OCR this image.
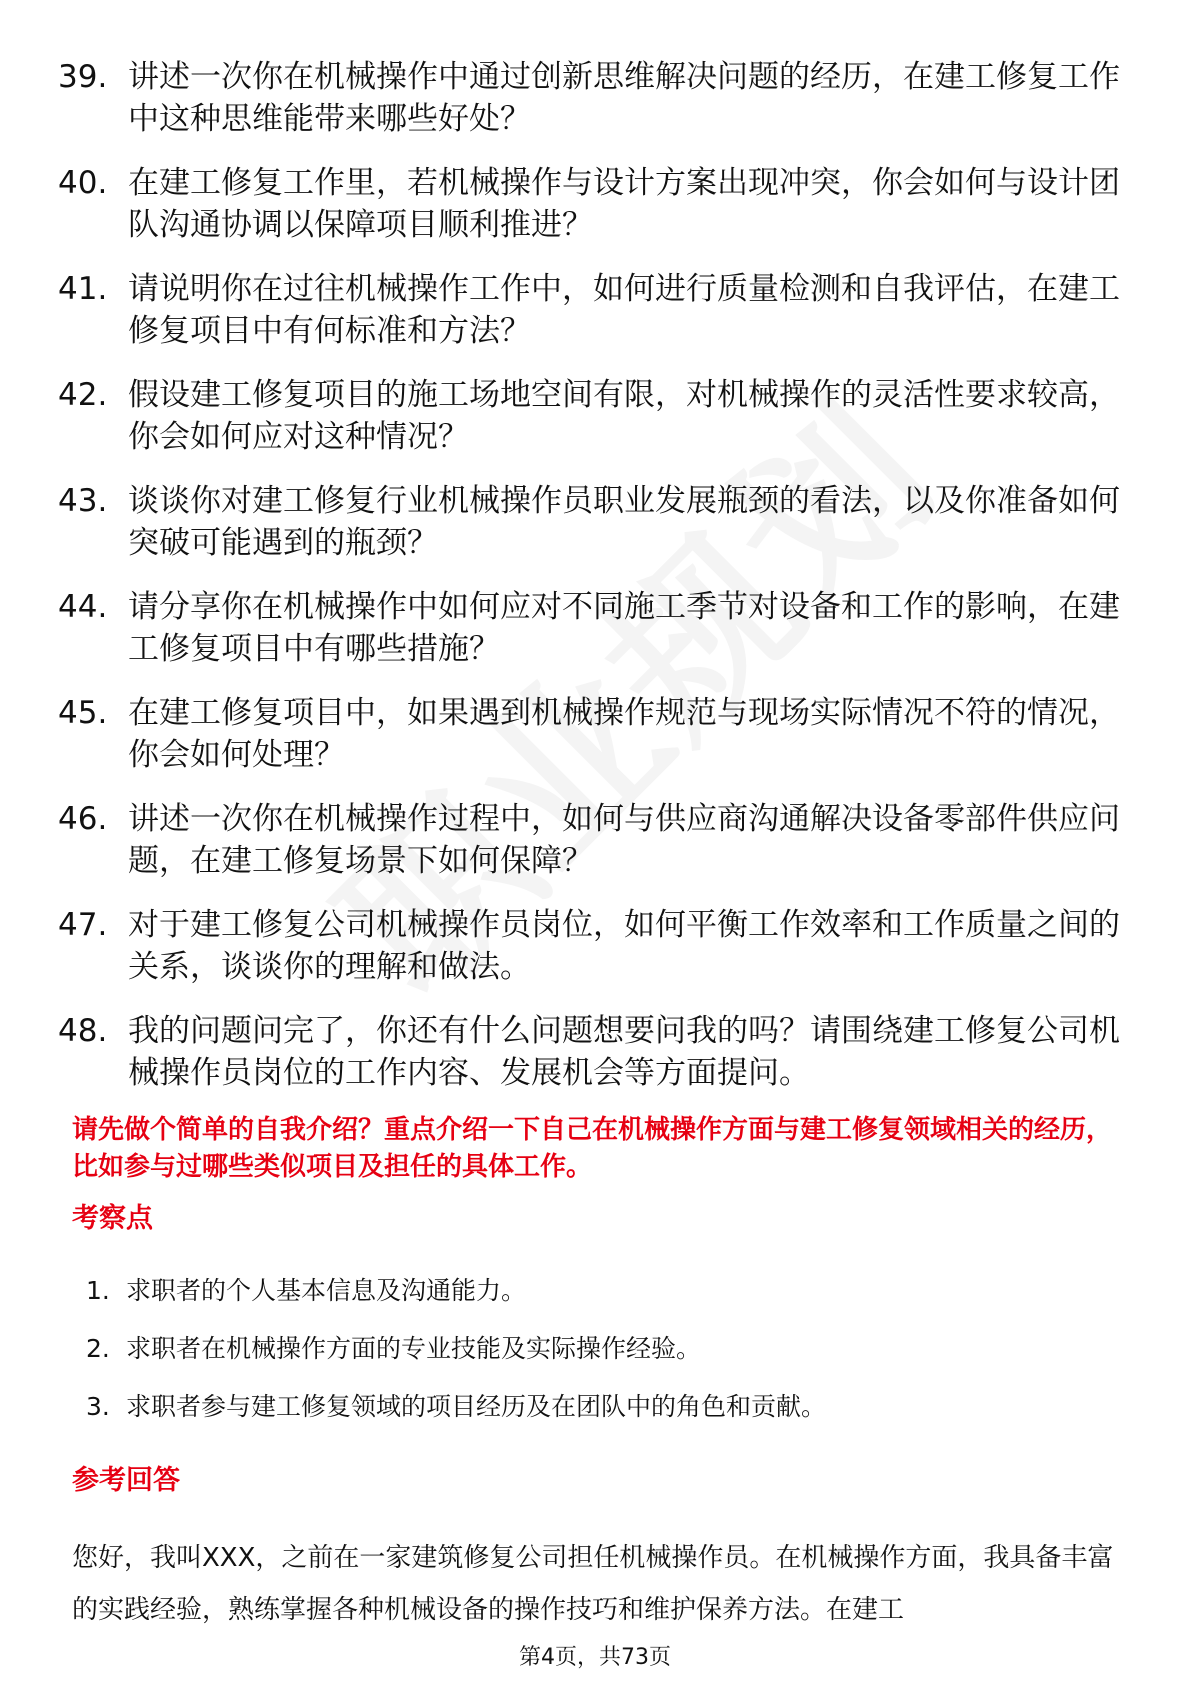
39. 讲述一次你在机械操作中通过创新思维解决问题的经历，在建工修复工作中这种思维能带来哪些好处？
40. 在建工修复工作里，若机械操作与设计方案出现冲突，你会如何与设计团队沟通协调以保障项目顺利推进？
41. 请说明你在过往机械操作工作中，如何进行质量检测和自我评估，在建工修复项目中有何标准和方法？
42. 假设建工修复项目的施工场地空间有限，对机械操作的灵活性要求较高，你会如何应对这种情况？
43. 谈谈你对建工修复行业机械操作员职业发展瓶颈的看法，以及你准备如何突破可能遇到的瓶颈？
44. 请分享你在机械操作中如何应对不同施工季节对设备和工作的影响，在建工修复项目中有哪些措施？
45. 在建工修复项目中，如果遇到机械操作规范与现场实际情况不符的情况，你会如何处理？
46. 讲述一次你在机械操作过程中，如何与供应商沟通解决设备零部件供应问题，在建工修复场景下如何保障？
47. 对于建工修复公司机械操作员岗位，如何平衡工作效率和工作质量之间的关系，谈谈你的理解和做法。
48. 我的问题问完了，你还有什么问题想要问我的吗？请围绕建工修复公司机械操作员岗位的工作内容、发展机会等方面提问。
请先做个简单的自我介绍？重点介绍一下自己在机械操作方面与建工修复领域相关的经历，比如参与过哪些类似项目及担任的具体工作。
考察点
1. 求职者的个人基本信息及沟通能力。
2. 求职者在机械操作方面的专业技能及实际操作经验。
3. 求职者参与建工修复领域的项目经历及在团队中的角色和贡献。
参考回答
您好，我叫XXX，之前在一家建筑修复公司担任机械操作员。在机械操作方面，我具备丰富的实践经验，熟练掌握各种机械设备的操作技巧和维护保养方法。在建工
第4页，共73页
